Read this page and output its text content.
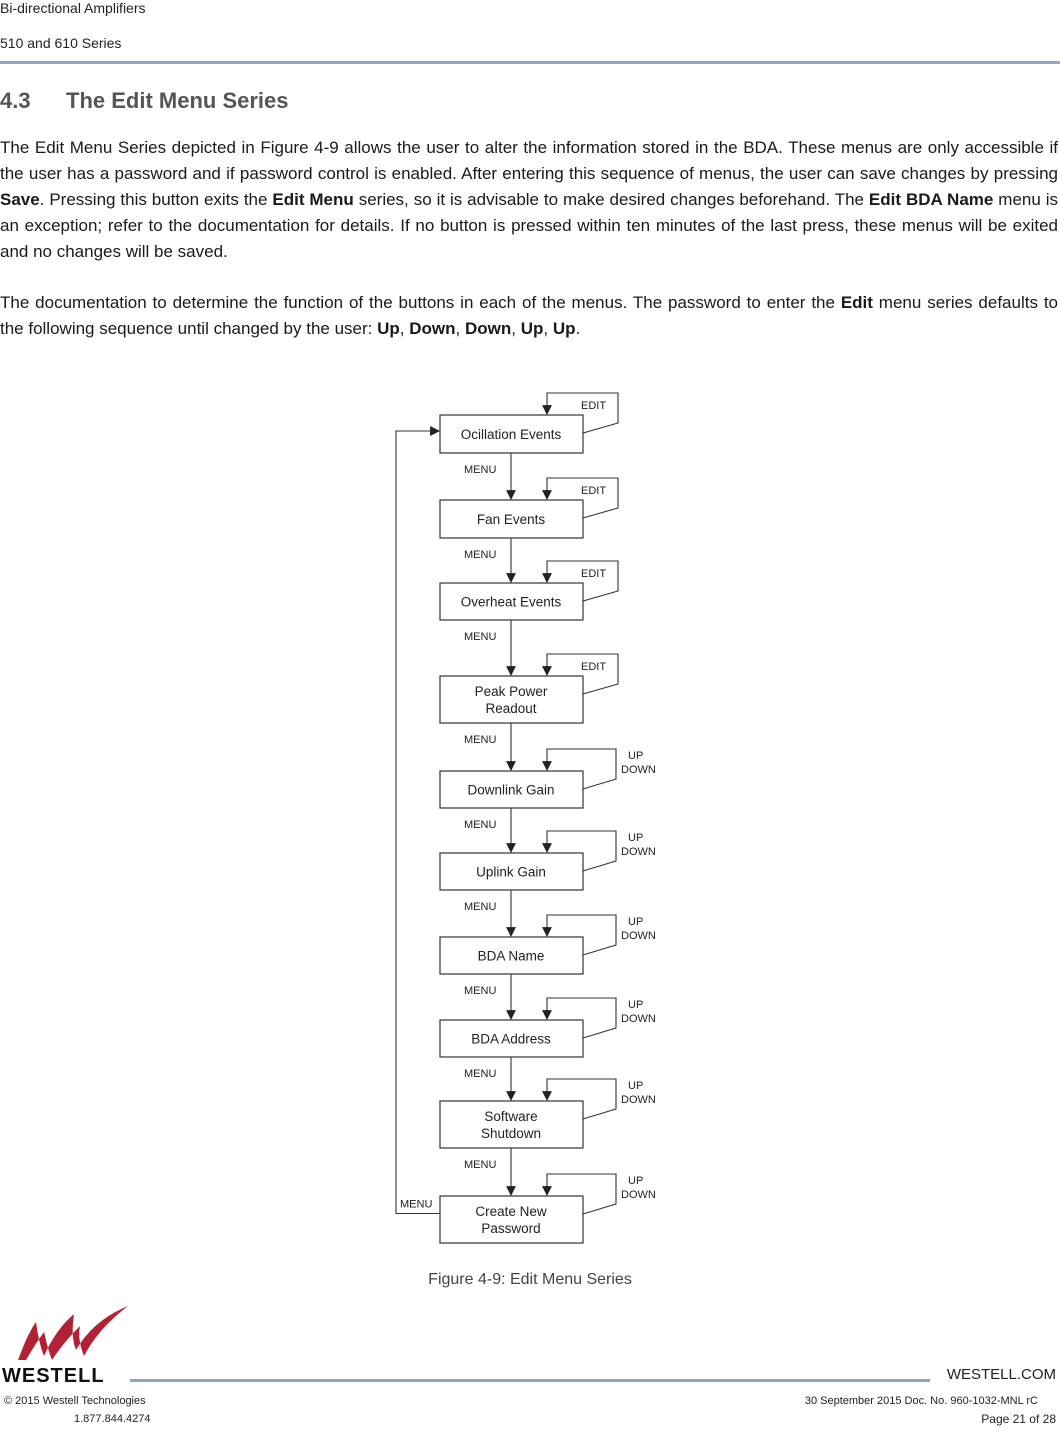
Bi-directional Amplifiers
510 and 610 Series
4.3 The Edit Menu Series

The Edit Menu Series depicted in Figure 4-9 allows the user to alter the information stored in the BDA. These menus are only accessible if the user has a password and if password control is enabled. After entering this sequence of menus, the user can save changes by pressing Save. Pressing this button exits the Edit Menu series, so it is advisable to make desired changes beforehand. The Edit BDA Name menu is an exception; refer to the documentation for details. If no button is pressed within ten minutes of the last press, these menus will be exited and no changes will be saved.

The documentation to determine the function of the buttons in each of the menus. The password to enter the Edit menu series defaults to the following sequence until changed by the user: Up, Down, Down, Up, Up.

Ocillation Events
EDIT
MENU
Fan Events
EDIT
MENU
Overheat Events
EDIT
MENU
Peak Power
Readout
EDIT
MENU
Downlink Gain
UP
DOWN
MENU
Uplink Gain
UP
DOWN
MENU
BDA Name
UP
DOWN
MENU
BDA Address
UP
DOWN
MENU
Software
Shutdown
UP
DOWN
MENU
Create New
Password
UP
DOWN
MENU
Figure 4-9: Edit Menu Series
WESTELL	WESTELL.COM
© 2015 Westell Technologies
1.877.844.4274
30 September 2015 Doc. No. 960-1032-MNL rC
Page 21 of 28
